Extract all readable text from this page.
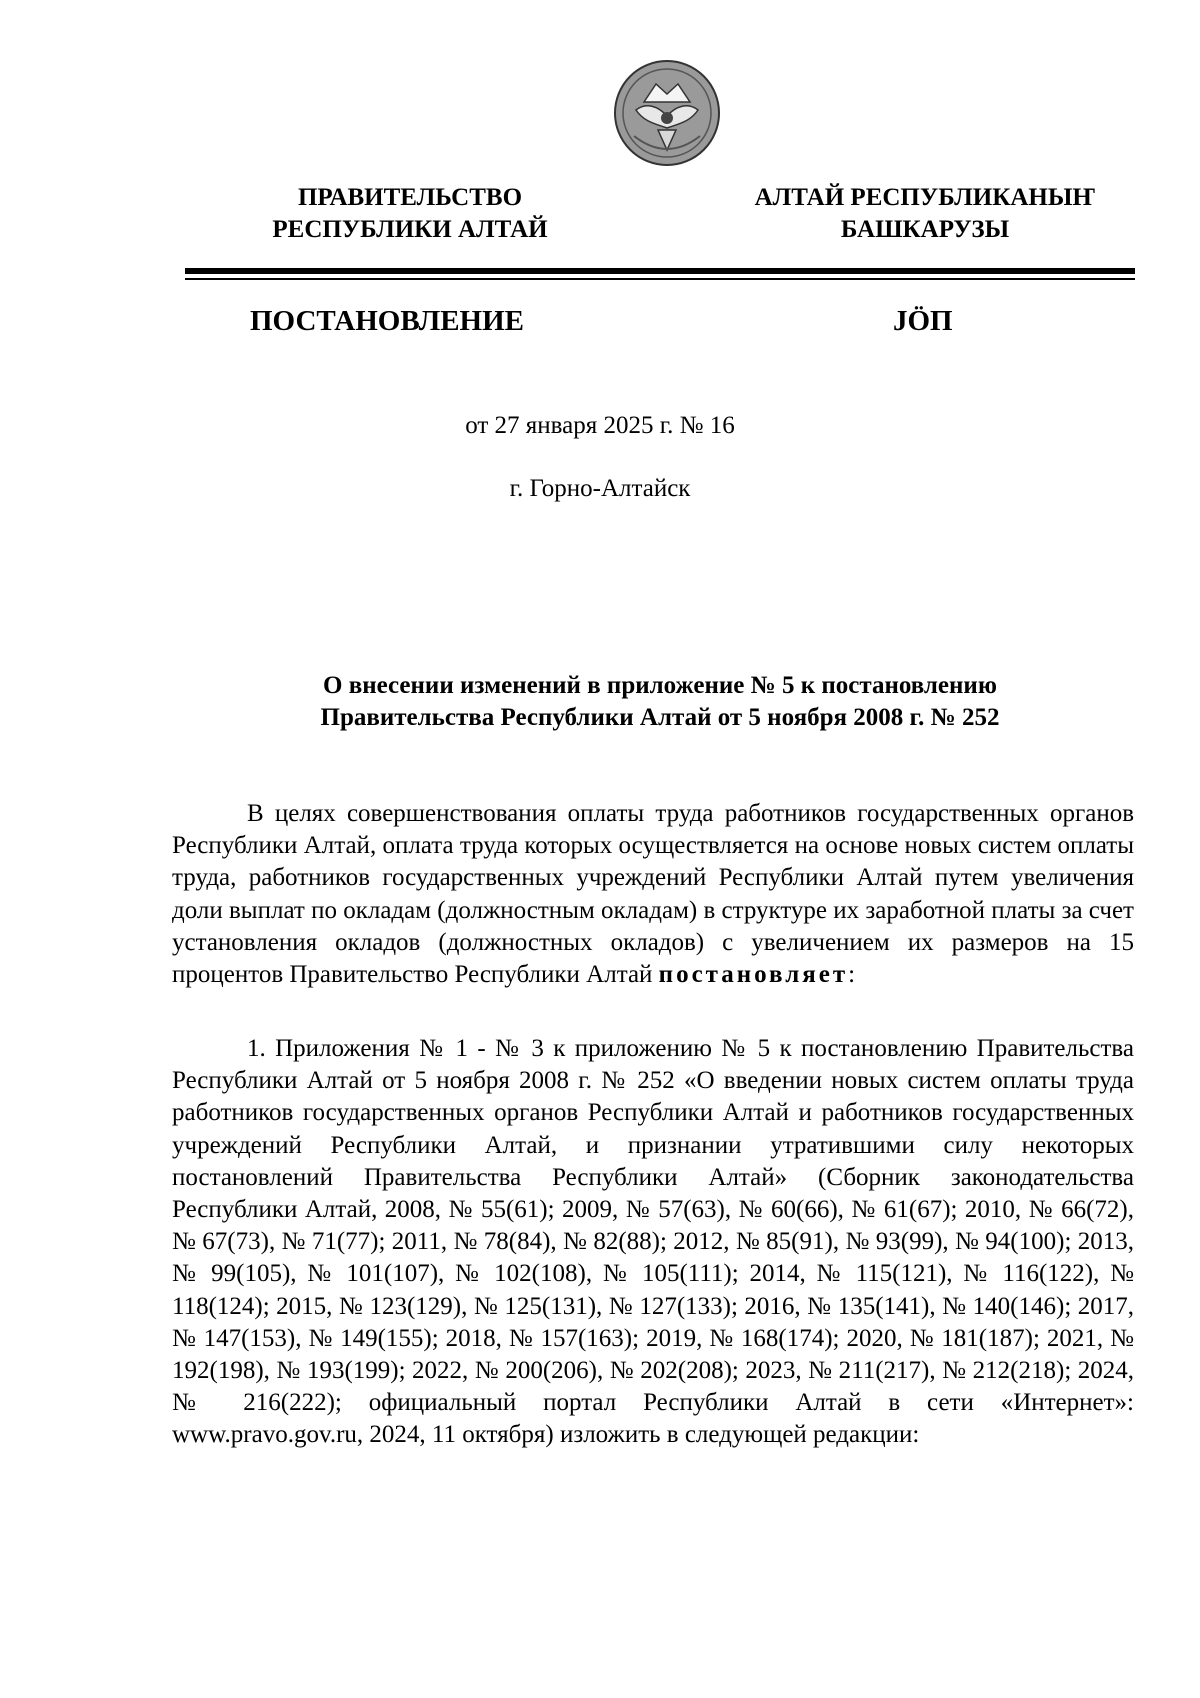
ПРАВИТЕЛЬСТВО
РЕСПУБЛИКИ АЛТАЙ
АЛТАЙ РЕСПУБЛИКАНЫҤ
БАШКАРУЗЫ
ПОСТАНОВЛЕНИЕ	JÖП
от 27 января 2025 г. № 16
г. Горно-Алтайск
О внесении изменений в приложение № 5 к постановлению
Правительства Республики Алтай от 5 ноября 2008 г. № 252

В целях совершенствования оплаты труда работников государственных органов Республики Алтай, оплата труда которых осуществляется на основе новых систем оплаты труда, работников государственных учреждений Республики Алтай путем увеличения доли выплат по окладам (должностным окладам) в структуре их заработной платы за счет установления окладов (должностных окладов) с увеличением их размеров на 15 процентов Правительство Республики Алтай постановляет:

1. Приложения № 1 - № 3 к приложению № 5 к постановлению Правительства Республики Алтай от 5 ноября 2008 г. № 252 «О введении новых систем оплаты труда работников государственных органов Республики Алтай и работников государственных учреждений Республики Алтай, и признании утратившими силу некоторых постановлений Правительства Республики Алтай» (Сборник законодательства Республики Алтай, 2008, № 55(61); 2009, № 57(63), № 60(66), № 61(67); 2010, № 66(72), № 67(73), № 71(77); 2011, № 78(84), № 82(88); 2012, № 85(91), № 93(99), № 94(100); 2013, № 99(105), № 101(107), № 102(108), № 105(111); 2014, № 115(121), № 116(122), № 118(124); 2015, № 123(129), № 125(131), № 127(133); 2016, № 135(141), № 140(146); 2017, № 147(153), № 149(155); 2018, № 157(163); 2019, № 168(174); 2020, № 181(187); 2021, № 192(198), № 193(199); 2022, № 200(206), № 202(208); 2023, № 211(217), № 212(218); 2024, № 216(222); официальный портал Республики Алтай в сети «Интернет»: www.pravo.gov.ru, 2024, 11 октября) изложить в следующей редакции:
